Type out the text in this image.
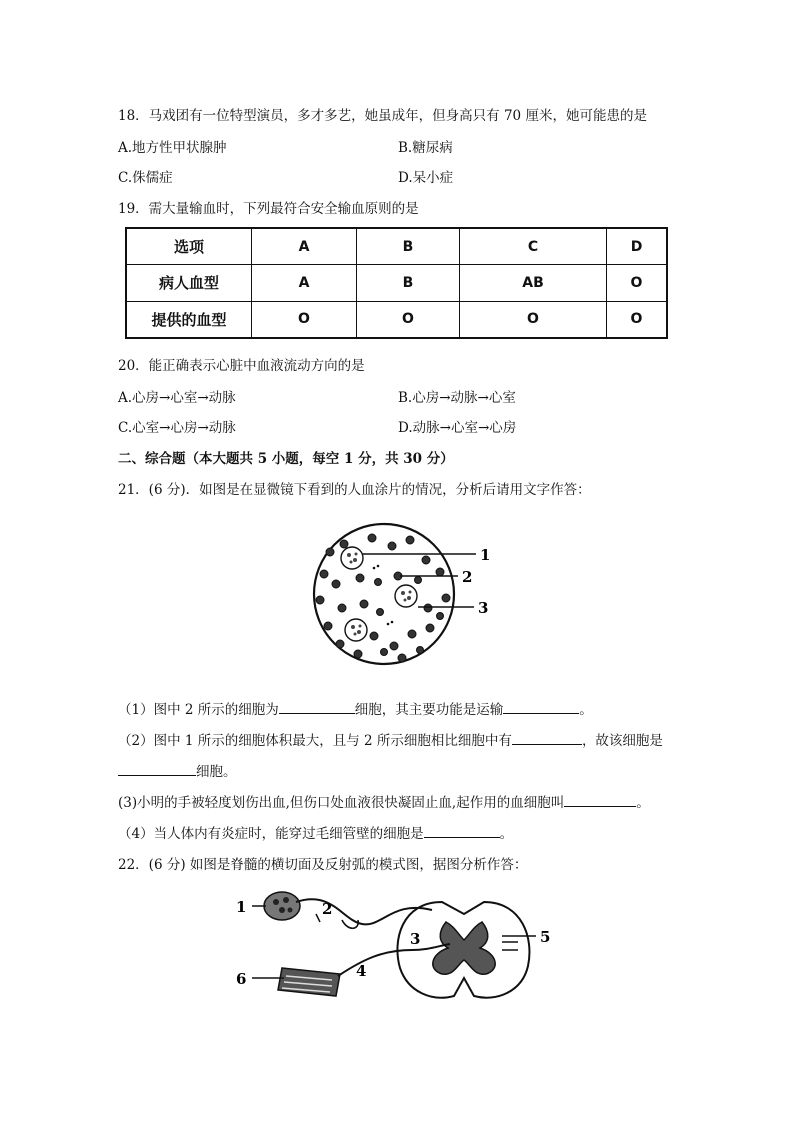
18．马戏团有一位特型演员，多才多艺，她虽成年，但身高只有 70 厘米，她可能患的是
A.地方性甲状腺肿	B.糖尿病
C.侏儒症	D.呆小症
19．需大量输血时，下列最符合安全输血原则的是
选项	A	B	C	D
病人血型	A	B	AB	O
提供的血型	O	O	O	O
20．能正确表示心脏中血液流动方向的是
A.心房→心室→动脉	B.心房→动脉→心室
C.心室→心房→动脉	D.动脉→心室→心房
二、综合题（本大题共 5 小题，每空 1 分，共 30 分）
21．(6 分)．如图是在显微镜下看到的人血涂片的情况，分析后请用文字作答：
1
2
3
（1）图中 2 所示的细胞为	细胞，其主要功能是运输	。
（2）图中 1 所示的细胞体积最大，且与 2 所示细胞相比细胞中有	，故该细胞是
细胞。
(3)小明的手被轻度划伤出血,但伤口处血液很快凝固止血,起作用的血细胞叫	。
（4）当人体内有炎症时，能穿过毛细管壁的细胞是	。
22．(6 分) 如图是脊髓的横切面及反射弧的模式图，据图分析作答：
1	2
3
4
5
6
